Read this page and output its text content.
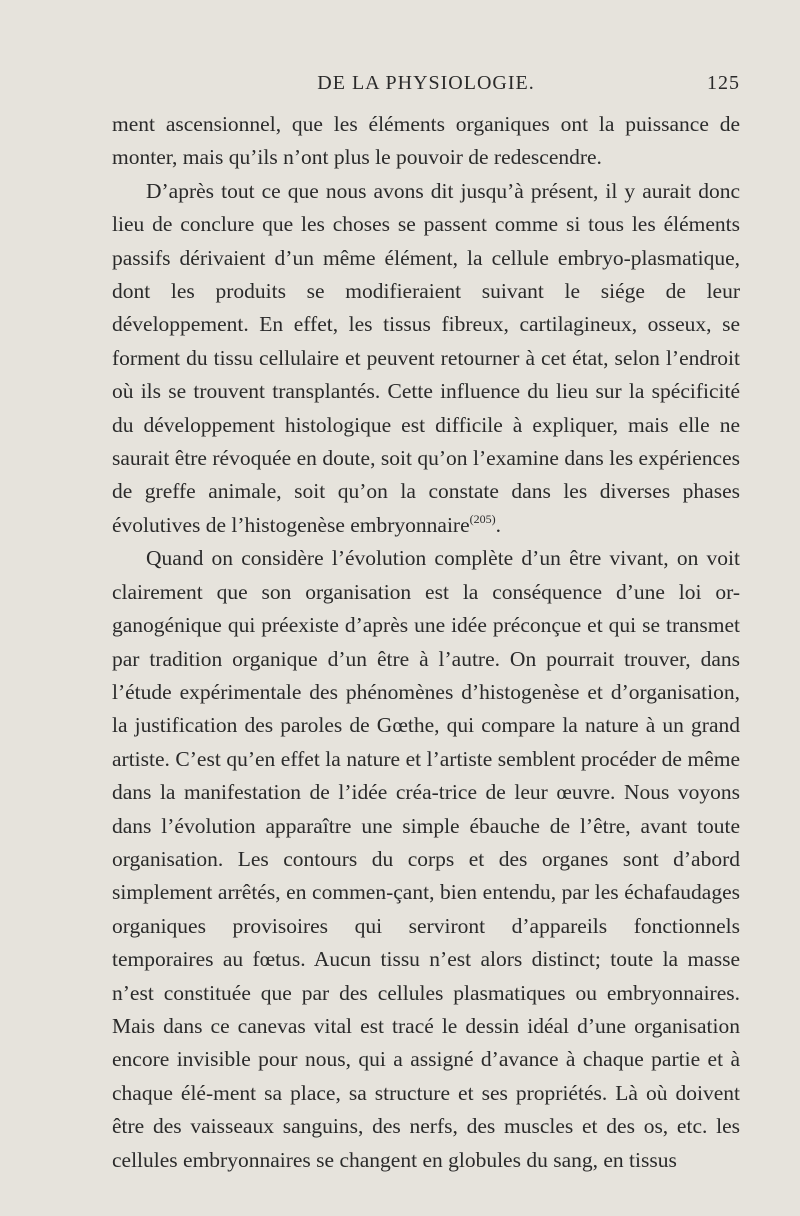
DE LA PHYSIOLOGIE.	125

ment ascensionnel, que les éléments organiques ont la puissance de monter, mais qu’ils n’ont plus le pouvoir de redescendre.

D’après tout ce que nous avons dit jusqu’à présent, il y aurait donc lieu de conclure que les choses se passent comme si tous les éléments passifs dérivaient d’un même élément, la cellule embryo-plasmatique, dont les produits se modifieraient suivant le siége de leur développement. En effet, les tissus fibreux, cartilagineux, osseux, se forment du tissu cellulaire et peuvent retourner à cet état, selon l’endroit où ils se trouvent transplantés. Cette influence du lieu sur la spécificité du développement histologique est difficile à expliquer, mais elle ne saurait être révoquée en doute, soit qu’on l’examine dans les expériences de greffe animale, soit qu’on la constate dans les diverses phases évolutives de l’histogenèse embryonnaire$^{(205)}$.

Quand on considère l’évolution complète d’un être vivant, on voit clairement que son organisation est la conséquence d’une loi or-ganogénique qui préexiste d’après une idée préconçue et qui se transmet par tradition organique d’un être à l’autre. On pourrait trouver, dans l’étude expérimentale des phénomènes d’histogenèse et d’organisation, la justification des paroles de Gœthe, qui compare la nature à un grand artiste. C’est qu’en effet la nature et l’artiste semblent procéder de même dans la manifestation de l’idée créa-trice de leur œuvre. Nous voyons dans l’évolution apparaître une simple ébauche de l’être, avant toute organisation. Les contours du corps et des organes sont d’abord simplement arrêtés, en commen-çant, bien entendu, par les échafaudages organiques provisoires qui serviront d’appareils fonctionnels temporaires au fœtus. Aucun tissu n’est alors distinct; toute la masse n’est constituée que par des cellules plasmatiques ou embryonnaires. Mais dans ce canevas vital est tracé le dessin idéal d’une organisation encore invisible pour nous, qui a assigné d’avance à chaque partie et à chaque élé-ment sa place, sa structure et ses propriétés. Là où doivent être des vaisseaux sanguins, des nerfs, des muscles et des os, etc. les cellules embryonnaires se changent en globules du sang, en tissus
